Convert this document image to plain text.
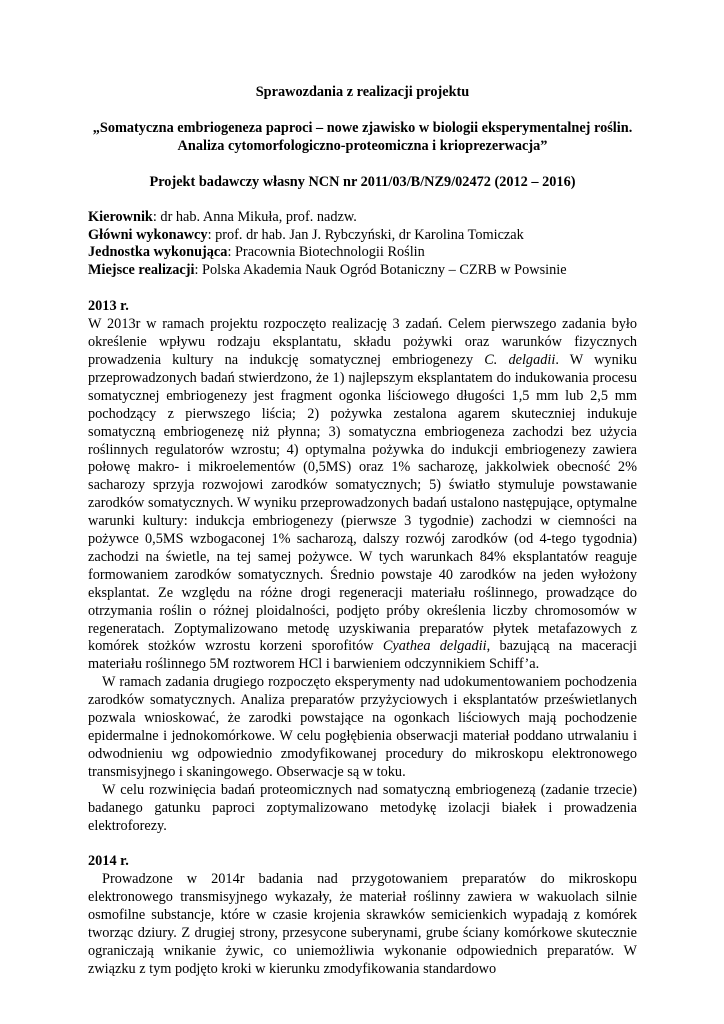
Sprawozdania z realizacji projektu
„Somatyczna embriogeneza paproci – nowe zjawisko w biologii eksperymentalnej roślin.
Analiza cytomorfologiczno-proteomiczna i krioprezerwacja”
Projekt badawczy własny NCN nr 2011/03/B/NZ9/02472 (2012 – 2016)
Kierownik: dr hab. Anna Mikuła, prof. nadzw.
Główni wykonawcy: prof. dr hab. Jan J. Rybczyński, dr Karolina Tomiczak
Jednostka wykonująca: Pracownia Biotechnologii Roślin
Miejsce realizacji: Polska Akademia Nauk Ogród Botaniczny – CZRB w Powsinie
2013 r.

W 2013r w ramach projektu rozpoczęto realizację 3 zadań. Celem pierwszego zadania było określenie wpływu rodzaju eksplantatu, składu pożywki oraz warunków fizycznych prowadzenia kultury na indukcję somatycznej embriogenezy C. delgadii. W wyniku przeprowadzonych badań stwierdzono, że 1) najlepszym eksplantatem do indukowania procesu somatycznej embriogenezy jest fragment ogonka liściowego długości 1,5 mm lub 2,5 mm pochodzący z pierwszego liścia; 2) pożywka zestalona agarem skuteczniej indukuje somatyczną embriogenezę niż płynna; 3) somatyczna embriogeneza zachodzi bez użycia roślinnych regulatorów wzrostu; 4) optymalna pożywka do indukcji embriogenezy zawiera połowę makro- i mikroelementów (0,5MS) oraz 1% sacharozę, jakkolwiek obecność 2% sacharozy sprzyja rozwojowi zarodków somatycznych; 5) światło stymuluje powstawanie zarodków somatycznych. W wyniku przeprowadzonych badań ustalono następujące, optymalne warunki kultury: indukcja embriogenezy (pierwsze 3 tygodnie) zachodzi w ciemności na pożywce 0,5MS wzbogaconej 1% sacharozą, dalszy rozwój zarodków (od 4-tego tygodnia) zachodzi na świetle, na tej samej pożywce. W tych warunkach 84% eksplantatów reaguje formowaniem zarodków somatycznych. Średnio powstaje 40 zarodków na jeden wyłożony eksplantat. Ze względu na różne drogi regeneracji materiału roślinnego, prowadzące do otrzymania roślin o różnej ploidalności, podjęto próby określenia liczby chromosomów w regeneratach. Zoptymalizowano metodę uzyskiwania preparatów płytek metafazowych z komórek stożków wzrostu korzeni sporofitów Cyathea delgadii, bazującą na maceracji materiału roślinnego 5M roztworem HCl i barwieniem odczynnikiem Schiff’a.

W ramach zadania drugiego rozpoczęto eksperymenty nad udokumentowaniem pochodzenia zarodków somatycznych. Analiza preparatów przyżyciowych i eksplantatów prześwietlanych pozwala wnioskować, że zarodki powstające na ogonkach liściowych mają pochodzenie epidermalne i jednokomórkowe. W celu pogłębienia obserwacji materiał poddano utrwalaniu i odwodnieniu wg odpowiednio zmodyfikowanej procedury do mikroskopu elektronowego transmisyjnego i skaningowego. Obserwacje są w toku.

W celu rozwinięcia badań proteomicznych nad somatyczną embriogenezą (zadanie trzecie) badanego gatunku paproci zoptymalizowano metodykę izolacji białek i prowadzenia elektroforezy.

2014 r.

Prowadzone w 2014r badania nad przygotowaniem preparatów do mikroskopu elektronowego transmisyjnego wykazały, że materiał roślinny zawiera w wakuolach silnie osmofilne substancje, które w czasie krojenia skrawków semicienkich wypadają z komórek tworząc dziury. Z drugiej strony, przesycone suberynami, grube ściany komórkowe skutecznie ograniczają wnikanie żywic, co uniemożliwia wykonanie odpowiednich preparatów. W związku z tym podjęto kroki w kierunku zmodyfikowania standardowo
